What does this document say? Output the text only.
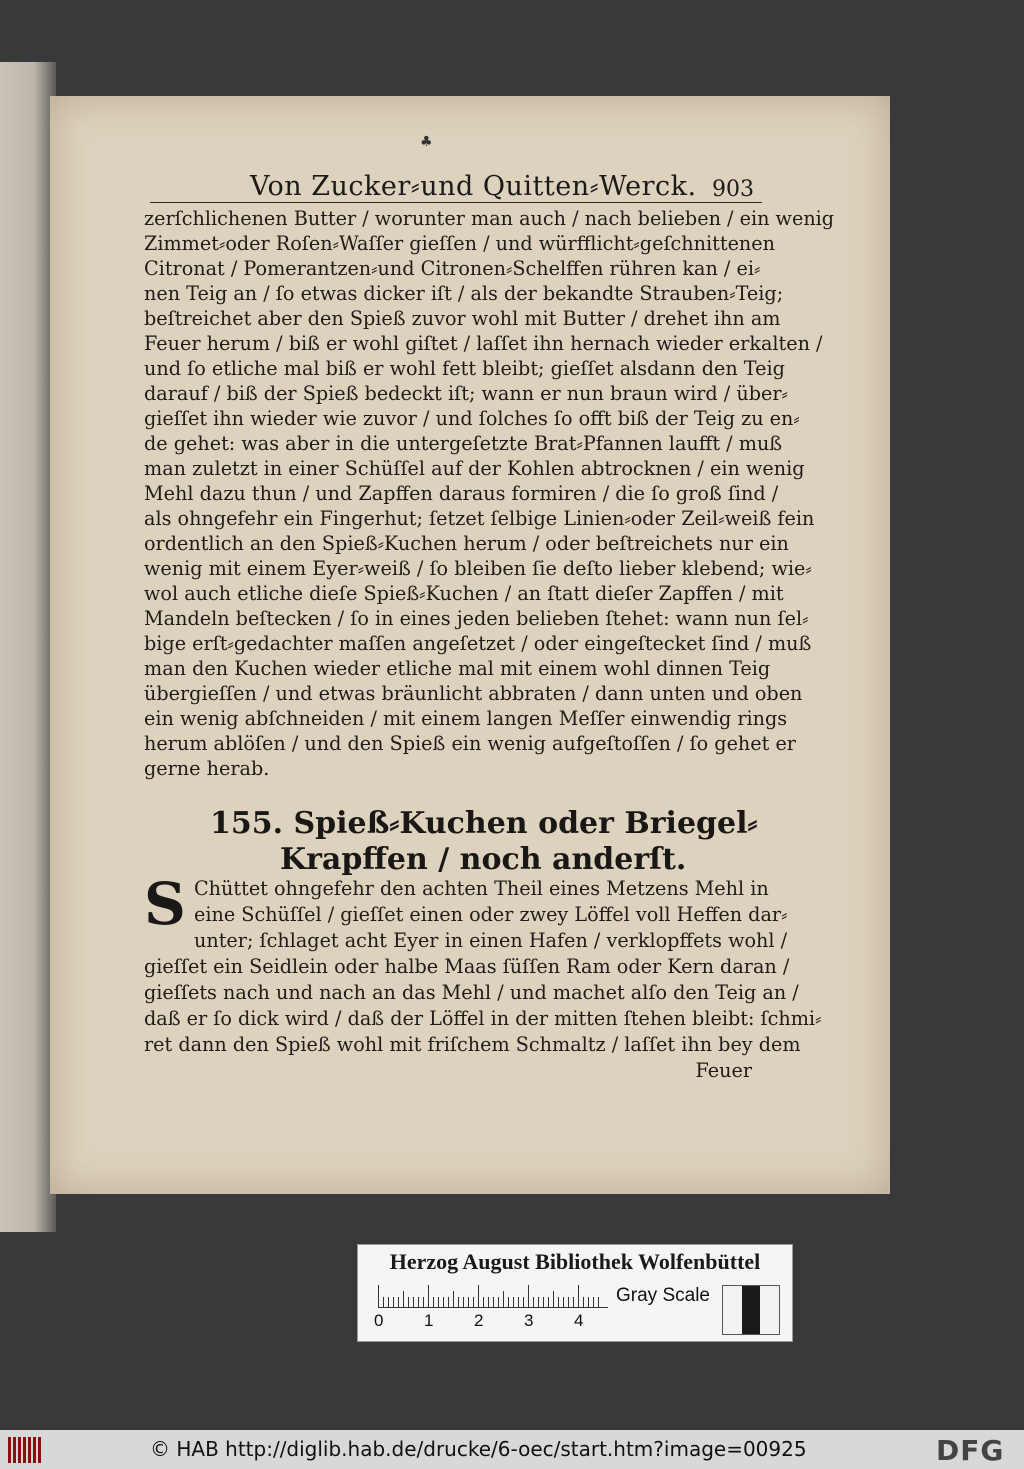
♣
Von Zucker⸗und Quitten⸗Werck. 903
zerſchlichenen Butter / worunter man auch / nach belieben / ein wenig
Zimmet⸗oder Roſen⸗Waſſer gieſſen / und würfflicht⸗geſchnittenen
Citronat / Pomerantzen⸗und Citronen⸗Schelffen rühren kan / ei⸗
nen Teig an / ſo etwas dicker iſt / als der bekandte Strauben⸗Teig;
beſtreichet aber den Spieß zuvor wohl mit Butter / drehet ihn am
Feuer herum / biß er wohl giſtet / laſſet ihn hernach wieder erkalten /
und ſo etliche mal biß er wohl fett bleibt; gieſſet alsdann den Teig
darauf / biß der Spieß bedeckt iſt; wann er nun braun wird / über⸗
gieſſet ihn wieder wie zuvor / und ſolches ſo offt biß der Teig zu en⸗
de gehet: was aber in die untergeſetzte Brat⸗Pfannen laufft / muß
man zuletzt in einer Schüſſel auf der Kohlen abtrocknen / ein wenig
Mehl dazu thun / und Zapffen daraus formiren / die ſo groß ſind /
als ohngefehr ein Fingerhut; ſetzet ſelbige Linien⸗oder Zeil⸗weiß fein
ordentlich an den Spieß⸗Kuchen herum / oder beſtreichets nur ein
wenig mit einem Eyer⸗weiß / ſo bleiben ſie deſto lieber klebend; wie⸗
wol auch etliche dieſe Spieß⸗Kuchen / an ſtatt dieſer Zapffen / mit
Mandeln beſtecken / ſo in eines jeden belieben ſtehet: wann nun ſel⸗
bige erſt⸗gedachter maſſen angeſetzet / oder eingeſtecket ſind / muß
man den Kuchen wieder etliche mal mit einem wohl dinnen Teig
übergieſſen / und etwas bräunlicht abbraten / dann unten und oben
ein wenig abſchneiden / mit einem langen Meſſer einwendig rings
herum ablöſen / und den Spieß ein wenig aufgeſtoſſen / ſo gehet er
gerne herab.
155. Spieß⸗Kuchen oder Briegel⸗
Krapffen / noch anderſt.
S Chüttet ohngefehr den achten Theil eines Metzens Mehl in
eine Schüſſel / gieſſet einen oder zwey Löffel voll Heffen dar⸗
unter; ſchlaget acht Eyer in einen Hafen / verklopffets wohl /
gieſſet ein Seidlein oder halbe Maas ſüſſen Ram oder Kern daran /
gieſſets nach und nach an das Mehl / und machet alſo den Teig an /
daß er ſo dick wird / daß der Löffel in der mitten ſtehen bleibt: ſchmi⸗
ret dann den Spieß wohl mit friſchem Schmaltz / laſſet ihn bey dem
Feuer
Herzog August Bibliothek Wolfenbüttel
0 1 2 3 4
Gray Scale
© HAB http://diglib.hab.de/drucke/6-oec/start.htm?image=00925	DFG
